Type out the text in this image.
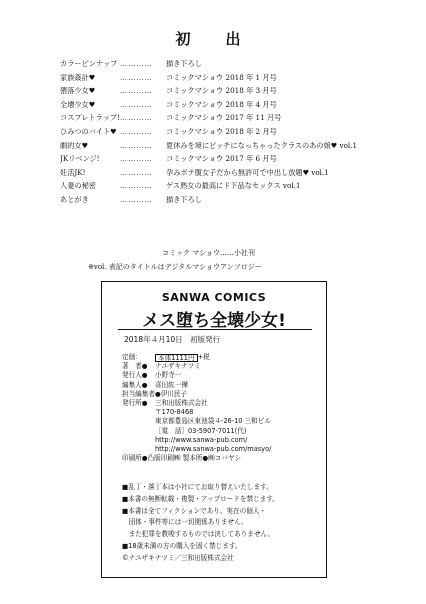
初　出
カラーピンナップ …………	描き下ろし
家族姦計♥	…………	コミックマショウ 2018 年 1 月号
猥落少女♥	…………	コミックマショウ 2018 年 3 月号
全壊少女♥	…………	コミックマショウ 2018 年 4 月号
コスプレトラップ! …………	コミックマショウ 2017 年 11 月号
ひみつのバイト♥ …………	コミックマショウ 2018 年 2 月号
劇的女♥	…………	夏休みを境にビッチになっちゃったクラスのあの娘♥ vol.1
JKリベンジ!	…………	コミックマショウ 2017 年 6 月号
妊活JK!	…………	孕みボテ腹女子だから無許可で中出し放題♥ vol.1
人妻の秘密	…………	ゲス熟女の最高にド下品なセックス vol.1
あとがき	…………	描き下ろし
コミック マショウ……小社刊
※vol. 表記のタイトルはデジタルマショウアンソロジー
SANWA COMICS
メス堕ち全壊少女!
2018年４月10日　初版発行
定価：	本体1111円 +税
著　者●	ナユザキナツミ
発行人●	小野寺一
編集人●	喜田紘一樺
担当編集者● 伊川民子
発行所●	三和出版株式会社
〒170-8468
東京都豊島区東池袋４-26-10 三和ビル
［電　話］03-5907-7011(代)
http://www.sanwa-pub.com/
http://www.sanwa-pub.com/masyo/
印刷所●凸版印刷㈱ 製本所●㈱コバヤシ
■乱丁・落丁本は小社にてお取り替えいたします。
■本書の無断転載・複製・アップロードを禁じます。
■本書は全てフィクションであり、実在の個人・
　団体・事件等には一切関係ありません。
　また犯罪を教唆するものでは決してありません。
■18歳未満の方の購入を固く禁じます。
©ナユザキナツミ／三和出版株式会社
